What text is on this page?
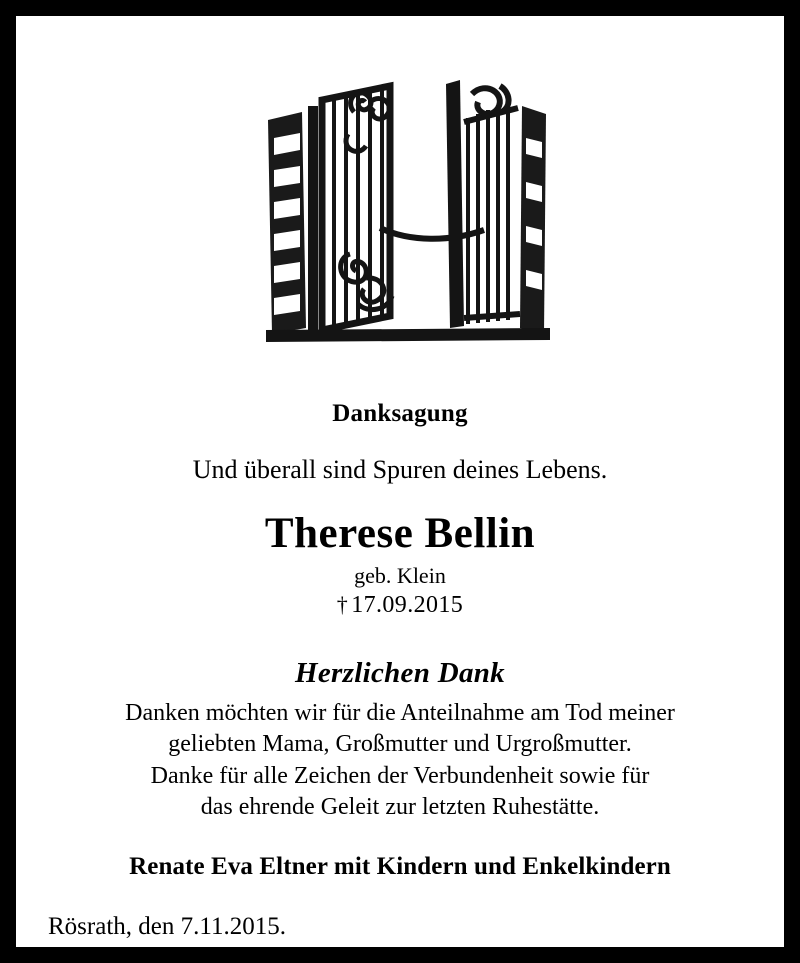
Danksagung
Und überall sind Spuren deines Lebens.
Therese Bellin
geb. Klein
† 17.09.2015
Herzlichen Dank
Danken möchten wir für die Anteilnahme am Tod meiner
geliebten Mama, Großmutter und Urgroßmutter.
Danke für alle Zeichen der Verbundenheit sowie für
das ehrende Geleit zur letzten Ruhestätte.
Renate Eva Eltner mit Kindern und Enkelkindern
Rösrath, den 7.11.2015.
